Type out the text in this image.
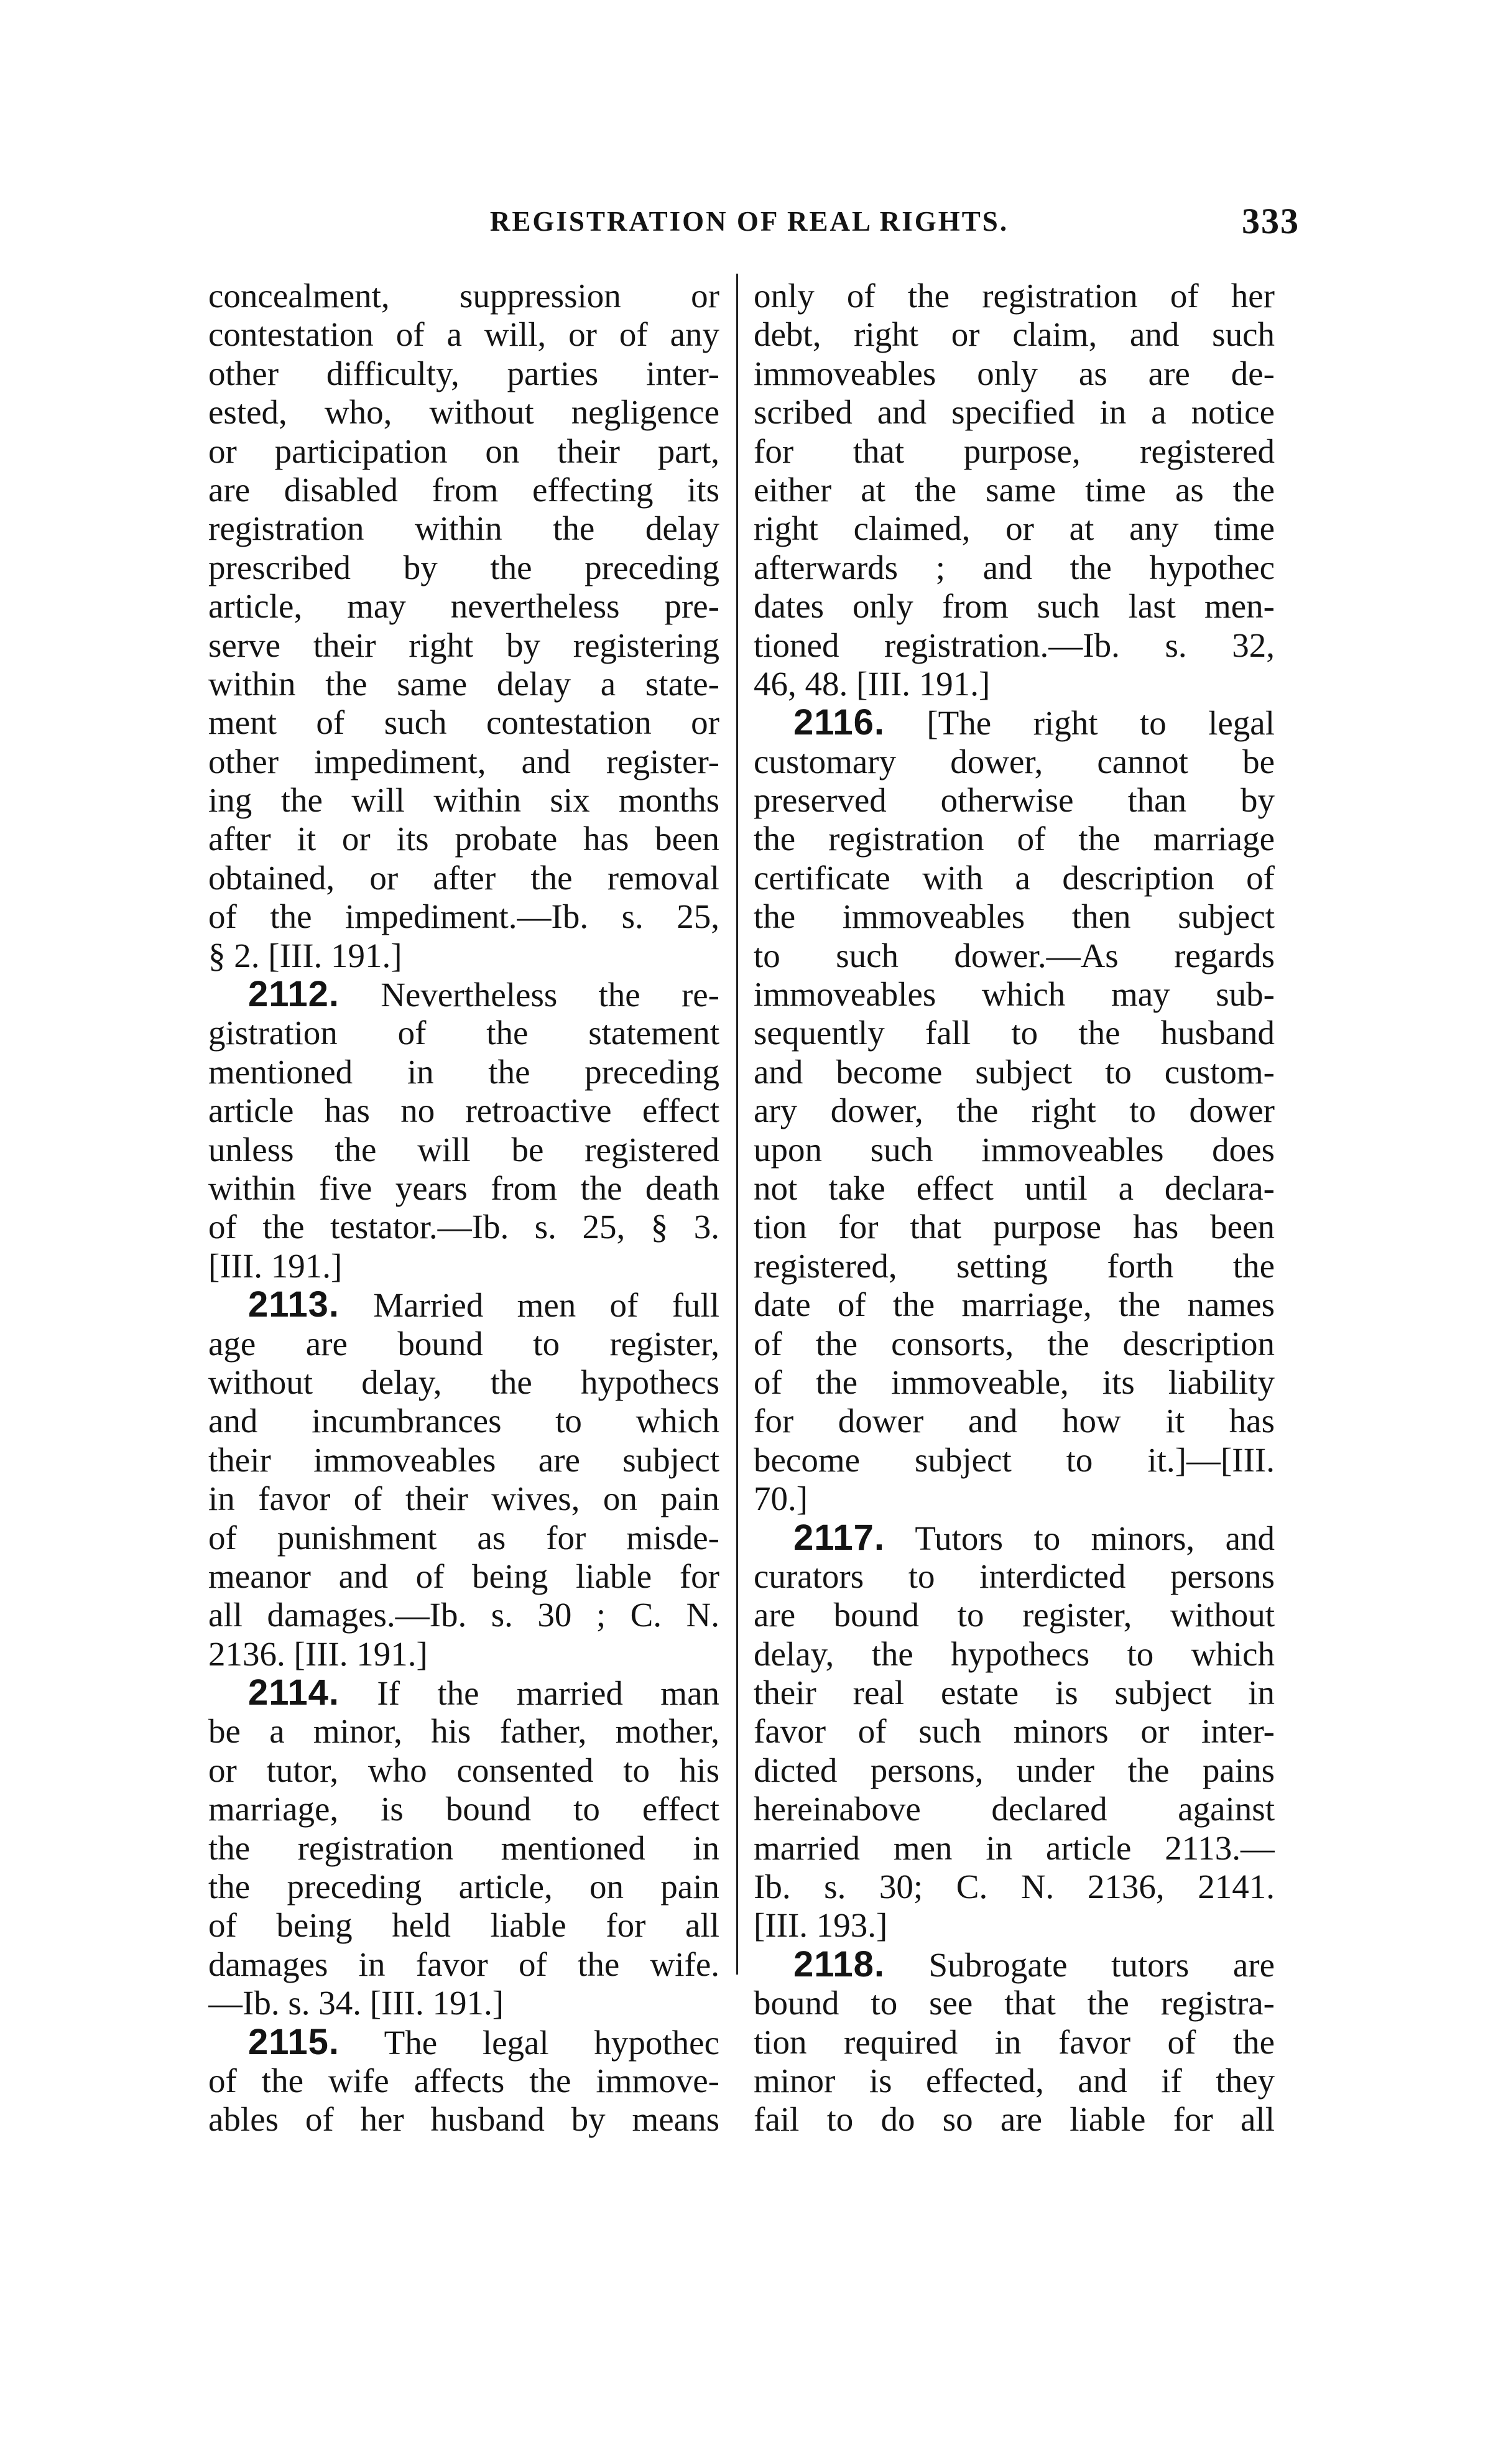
REGISTRATION OF REAL RIGHTS.	333
concealment, suppression or
contestation of a will, or of any
other difficulty, parties inter-
ested, who, without negligence
or participation on their part,
are disabled from effecting its
registration within the delay
prescribed by the preceding
article, may nevertheless pre-
serve their right by registering
within the same delay a state-
ment of such contestation or
other impediment, and register-
ing the will within six months
after it or its probate has been
obtained, or after the removal
of the impediment.—Ib. s. 25,
§ 2. [III. 191.]
2112. Nevertheless the re-
gistration of the statement
mentioned in the preceding
article has no retroactive effect
unless the will be registered
within five years from the death
of the testator.—Ib. s. 25, § 3.
[III. 191.]
2113. Married men of full
age are bound to register,
without delay, the hypothecs
and incumbrances to which
their immoveables are subject
in favor of their wives, on pain
of punishment as for misde-
meanor and of being liable for
all damages.—Ib. s. 30 ; C. N.
2136. [III. 191.]
2114. If the married man
be a minor, his father, mother,
or tutor, who consented to his
marriage, is bound to effect
the registration mentioned in
the preceding article, on pain
of being held liable for all
damages in favor of the wife.
—Ib. s. 34. [III. 191.]
2115. The legal hypothec
of the wife affects the immove-
ables of her husband by means
only of the registration of her
debt, right or claim, and such
immoveables only as are de-
scribed and specified in a notice
for that purpose, registered
either at the same time as the
right claimed, or at any time
afterwards ; and the hypothec
dates only from such last men-
tioned registration.—Ib. s. 32,
46, 48. [III. 191.]
2116. [The right to legal
customary dower, cannot be
preserved otherwise than by
the registration of the marriage
certificate with a description of
the immoveables then subject
to such dower.—As regards
immoveables which may sub-
sequently fall to the husband
and become subject to custom-
ary dower, the right to dower
upon such immoveables does
not take effect until a declara-
tion for that purpose has been
registered, setting forth the
date of the marriage, the names
of the consorts, the description
of the immoveable, its liability
for dower and how it has
become subject to it.]—[III.
70.]
2117. Tutors to minors, and
curators to interdicted persons
are bound to register, without
delay, the hypothecs to which
their real estate is subject in
favor of such minors or inter-
dicted persons, under the pains
hereinabove declared against
married men in article 2113.—
Ib. s. 30; C. N. 2136, 2141.
[III. 193.]
2118. Subrogate tutors are
bound to see that the registra-
tion required in favor of the
minor is effected, and if they
fail to do so are liable for all
